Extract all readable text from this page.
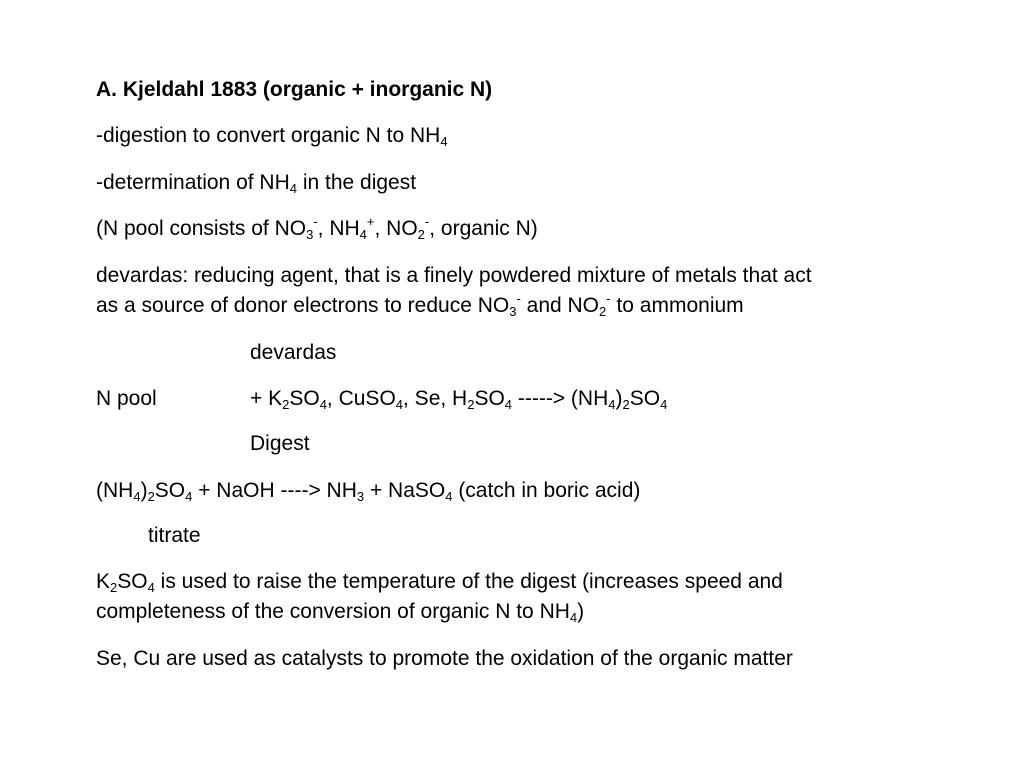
A. Kjeldahl 1883 (organic + inorganic N)
-digestion to convert organic N to $NH_4$
-determination of $NH_4$ in the digest
(N pool consists of $NO_3^-$, $NH_4^+$, $NO_2^-$, organic N)
devardas: reducing agent, that is a finely powdered mixture of metals that act
as a source of donor electrons to reduce $NO_3^-$ and $NO_2^-$ to ammonium
devardas
N pool	+ $K_2SO_4$, CuSO$_4$, Se, $H_2SO_4$ -----> $(NH_4)_2SO_4$
Digest
$(NH_4)_2SO_4$ + NaOH ----> $NH_3$ + NaSO$_4$ (catch in boric acid)
titrate
$K_2SO_4$ is used to raise the temperature of the digest (increases speed and
completeness of the conversion of organic N to $NH_4$)
Se, Cu are used as catalysts to promote the oxidation of the organic matter
